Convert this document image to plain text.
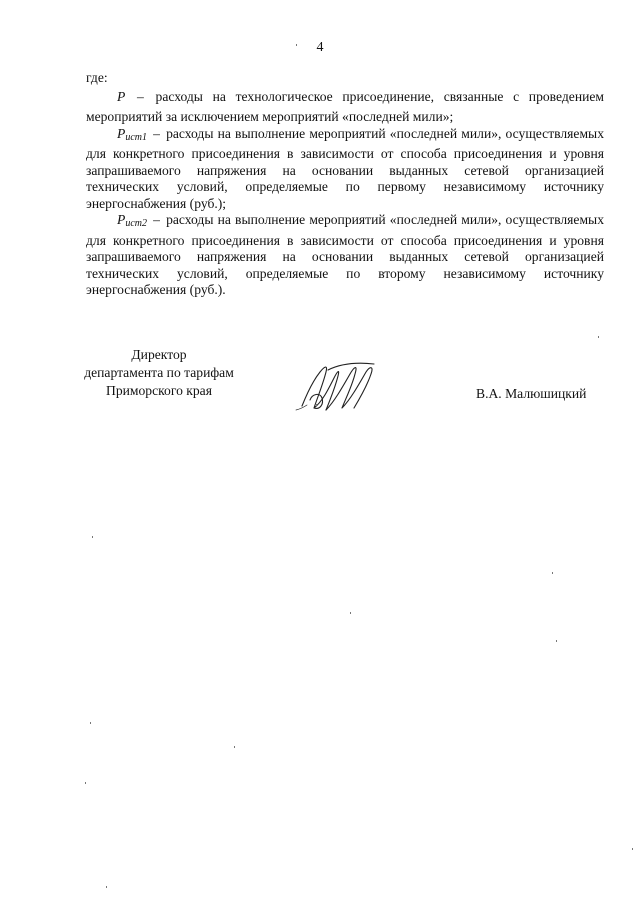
4

где:

P – расходы на технологическое присоединение, связанные с проведением мероприятий за исключением мероприятий «последней мили»;

$P_{ист1}$ – расходы на выполнение мероприятий «последней мили», осуществляемых для конкретного присоединения в зависимости от способа присоединения и уровня запрашиваемого напряжения на основании выданных сетевой организацией технических условий, определяемые по первому независимому источнику энергоснабжения (руб.);

$P_{ист2}$ – расходы на выполнение мероприятий «последней мили», осуществляемых для конкретного присоединения в зависимости от способа присоединения и уровня запрашиваемого напряжения на основании выданных сетевой организацией технических условий, определяемые по второму независимому источнику энергоснабжения (руб.).

Директор
департамента по тарифам
Приморского края	В.А. Малюшицкий
